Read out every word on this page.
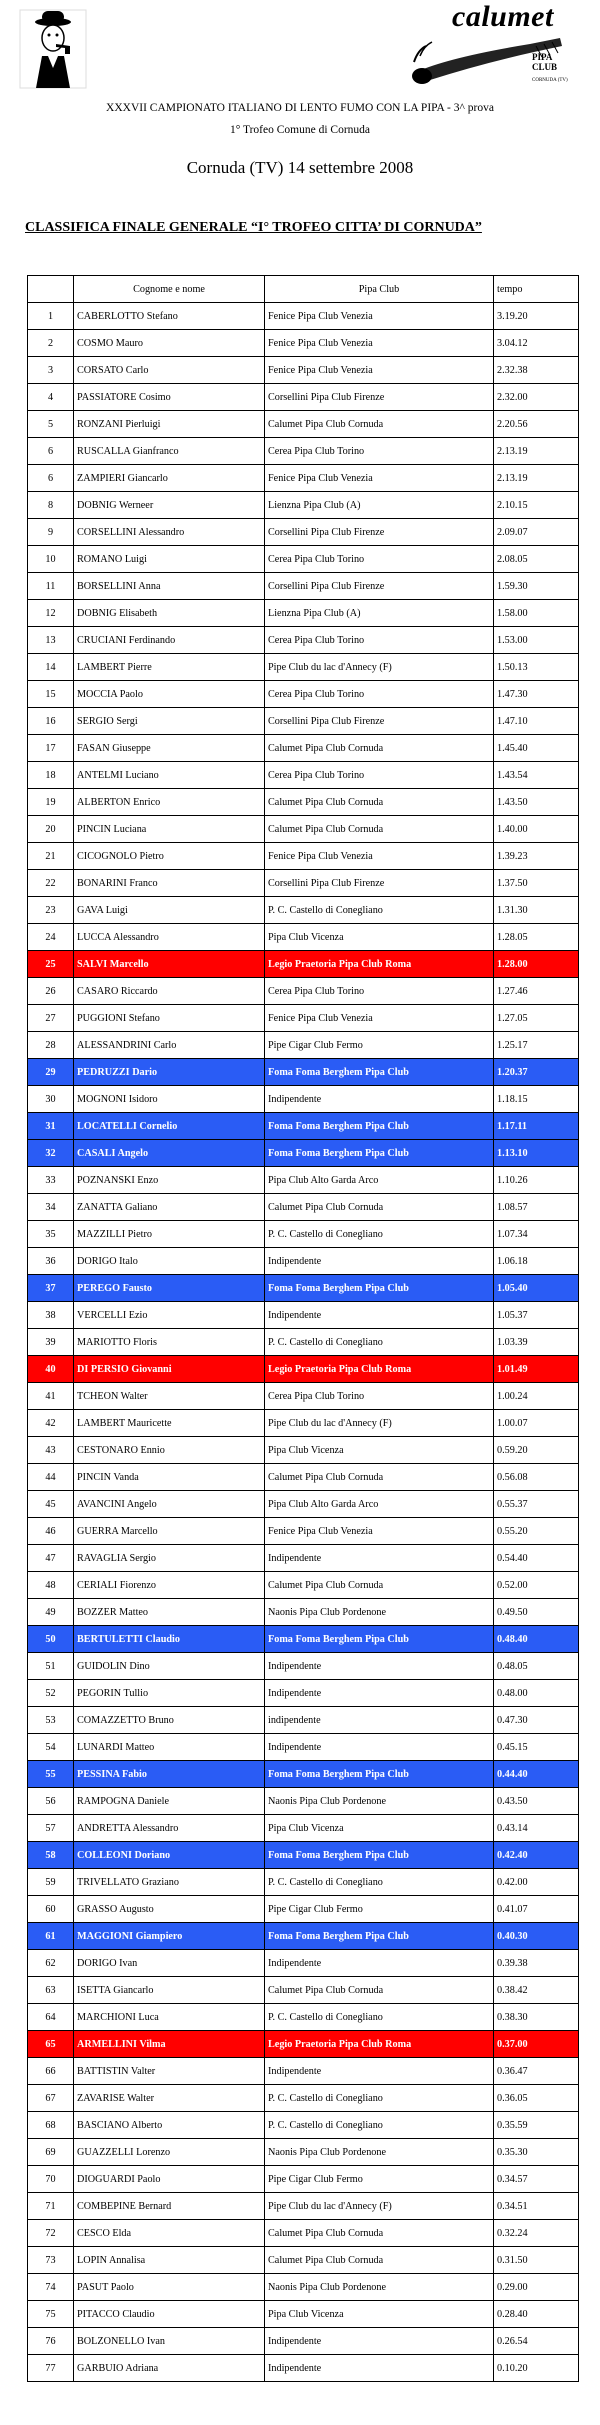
calumet
PIPA
CLUB
CORNUDA (TV)
XXXVII CAMPIONATO ITALIANO DI LENTO FUMO CON LA PIPA - 3^ prova
1° Trofeo Comune di Cornuda
Cornuda (TV) 14 settembre 2008
CLASSIFICA FINALE GENERALE “I° TROFEO CITTA’ DI CORNUDA”
	Cognome e nome	Pipa Club	tempo
1	CABERLOTTO Stefano	Fenice Pipa Club Venezia	3.19.20
2	COSMO Mauro	Fenice Pipa Club Venezia	3.04.12
3	CORSATO Carlo	Fenice Pipa Club Venezia	2.32.38
4	PASSIATORE Cosimo	Corsellini Pipa Club Firenze	2.32.00
5	RONZANI Pierluigi	Calumet Pipa Club Cornuda	2.20.56
6	RUSCALLA Gianfranco	Cerea Pipa Club Torino	2.13.19
6	ZAMPIERI Giancarlo	Fenice Pipa Club Venezia	2.13.19
8	DOBNIG Werneer	Lienzna Pipa Club (A)	2.10.15
9	CORSELLINI Alessandro	Corsellini Pipa Club Firenze	2.09.07
10	ROMANO Luigi	Cerea Pipa Club Torino	2.08.05
11	BORSELLINI Anna	Corsellini Pipa Club Firenze	1.59.30
12	DOBNIG Elisabeth	Lienzna Pipa Club (A)	1.58.00
13	CRUCIANI Ferdinando	Cerea Pipa Club Torino	1.53.00
14	LAMBERT Pierre	Pipe Club du lac d'Annecy (F)	1.50.13
15	MOCCIA Paolo	Cerea Pipa Club Torino	1.47.30
16	SERGIO Sergi	Corsellini Pipa Club Firenze	1.47.10
17	FASAN Giuseppe	Calumet Pipa Club Cornuda	1.45.40
18	ANTELMI Luciano	Cerea Pipa Club Torino	1.43.54
19	ALBERTON Enrico	Calumet Pipa Club Cornuda	1.43.50
20	PINCIN Luciana	Calumet Pipa Club Cornuda	1.40.00
21	CICOGNOLO Pietro	Fenice Pipa Club Venezia	1.39.23
22	BONARINI Franco	Corsellini Pipa Club Firenze	1.37.50
23	GAVA Luigi	P. C. Castello di Conegliano	1.31.30
24	LUCCA Alessandro	Pipa Club Vicenza	1.28.05
25	SALVI Marcello	Legio Praetoria Pipa Club Roma	1.28.00
26	CASARO Riccardo	Cerea Pipa Club Torino	1.27.46
27	PUGGIONI Stefano	Fenice Pipa Club Venezia	1.27.05
28	ALESSANDRINI Carlo	Pipe Cigar Club Fermo	1.25.17
29	PEDRUZZI Dario	Foma Foma Berghem Pipa Club	1.20.37
30	MOGNONI Isidoro	Indipendente	1.18.15
31	LOCATELLI Cornelio	Foma Foma Berghem Pipa Club	1.17.11
32	CASALI Angelo	Foma Foma Berghem Pipa Club	1.13.10
33	POZNANSKI Enzo	Pipa Club Alto Garda Arco	1.10.26
34	ZANATTA Galiano	Calumet Pipa Club Cornuda	1.08.57
35	MAZZILLI Pietro	P. C. Castello di Conegliano	1.07.34
36	DORIGO Italo	Indipendente	1.06.18
37	PEREGO Fausto	Foma Foma Berghem Pipa Club	1.05.40
38	VERCELLI Ezio	Indipendente	1.05.37
39	MARIOTTO Floris	P. C. Castello di Conegliano	1.03.39
40	DI PERSIO Giovanni	Legio Praetoria Pipa Club Roma	1.01.49
41	TCHEON Walter	Cerea Pipa Club Torino	1.00.24
42	LAMBERT Mauricette	Pipe Club du lac d'Annecy (F)	1.00.07
43	CESTONARO Ennio	Pipa Club Vicenza	0.59.20
44	PINCIN Vanda	Calumet Pipa Club Cornuda	0.56.08
45	AVANCINI Angelo	Pipa Club Alto Garda Arco	0.55.37
46	GUERRA Marcello	Fenice Pipa Club Venezia	0.55.20
47	RAVAGLIA Sergio	Indipendente	0.54.40
48	CERIALI Fiorenzo	Calumet Pipa Club Cornuda	0.52.00
49	BOZZER Matteo	Naonis Pipa Club Pordenone	0.49.50
50	BERTULETTI Claudio	Foma Foma Berghem Pipa Club	0.48.40
51	GUIDOLIN Dino	Indipendente	0.48.05
52	PEGORIN Tullio	Indipendente	0.48.00
53	COMAZZETTO Bruno	indipendente	0.47.30
54	LUNARDI Matteo	Indipendente	0.45.15
55	PESSINA Fabio	Foma Foma Berghem Pipa Club	0.44.40
56	RAMPOGNA Daniele	Naonis Pipa Club Pordenone	0.43.50
57	ANDRETTA Alessandro	Pipa Club Vicenza	0.43.14
58	COLLEONI Doriano	Foma Foma Berghem Pipa Club	0.42.40
59	TRIVELLATO Graziano	P. C. Castello di Conegliano	0.42.00
60	GRASSO Augusto	Pipe Cigar Club Fermo	0.41.07
61	MAGGIONI Giampiero	Foma Foma Berghem Pipa Club	0.40.30
62	DORIGO Ivan	Indipendente	0.39.38
63	ISETTA Giancarlo	Calumet Pipa Club Cornuda	0.38.42
64	MARCHIONI Luca	P. C. Castello di Conegliano	0.38.30
65	ARMELLINI Vilma	Legio Praetoria Pipa Club Roma	0.37.00
66	BATTISTIN Valter	Indipendente	0.36.47
67	ZAVARISE Walter	P. C. Castello di Conegliano	0.36.05
68	BASCIANO Alberto	P. C. Castello di Conegliano	0.35.59
69	GUAZZELLI Lorenzo	Naonis Pipa Club Pordenone	0.35.30
70	DIOGUARDI Paolo	Pipe Cigar Club Fermo	0.34.57
71	COMBEPINE Bernard	Pipe Club du lac d'Annecy (F)	0.34.51
72	CESCO Elda	Calumet Pipa Club Cornuda	0.32.24
73	LOPIN Annalisa	Calumet Pipa Club Cornuda	0.31.50
74	PASUT Paolo	Naonis Pipa Club Pordenone	0.29.00
75	PITACCO Claudio	Pipa Club Vicenza	0.28.40
76	BOLZONELLO Ivan	Indipendente	0.26.54
77	GARBUIO Adriana	Indipendente	0.10.20
